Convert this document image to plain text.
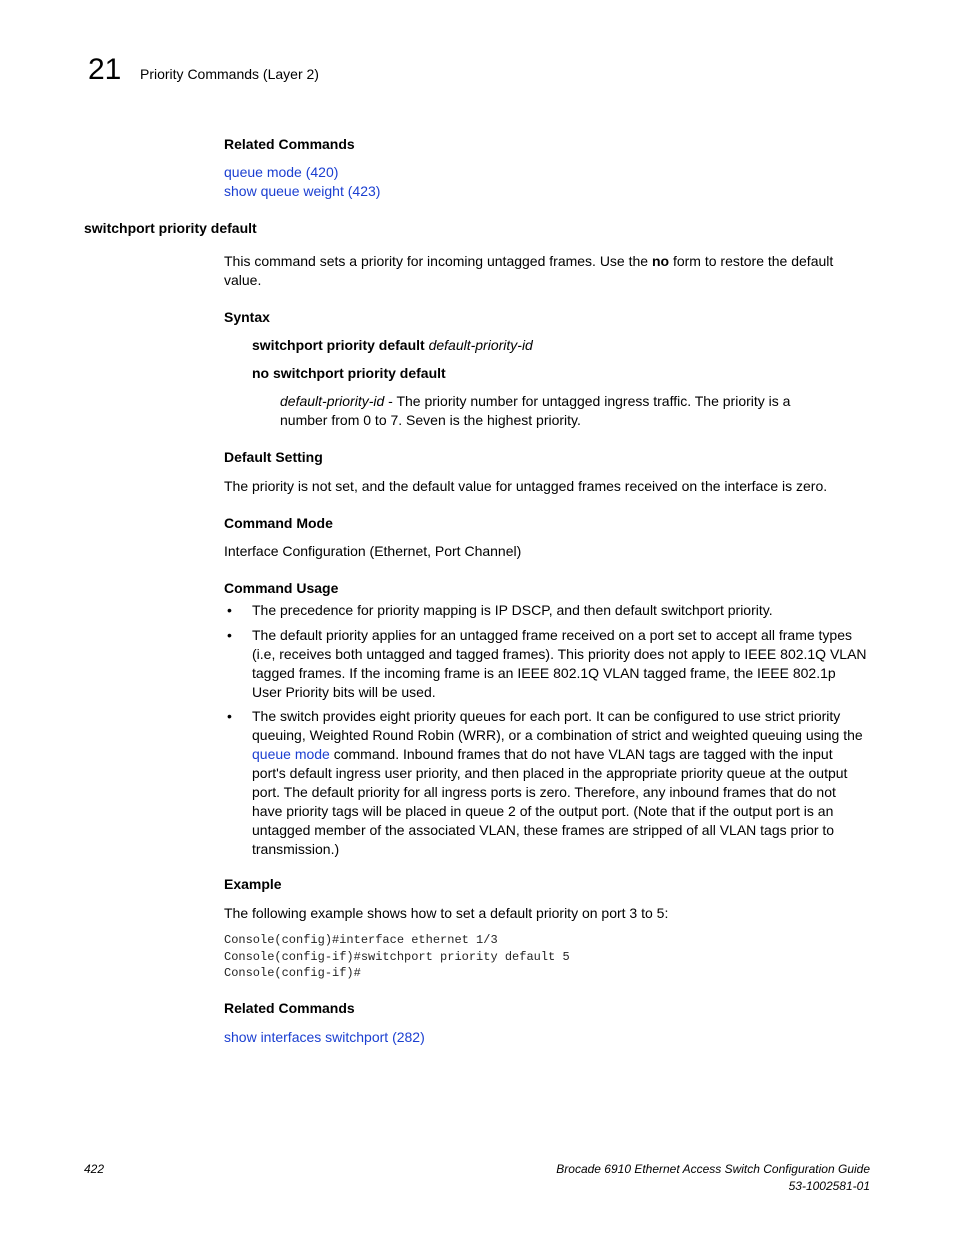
21 Priority Commands (Layer 2)
Related Commands
queue mode (420)
show queue weight (423)
switchport priority default
This command sets a priority for incoming untagged frames. Use the no form to restore the default value.
Syntax
switchport priority default default-priority-id
no switchport priority default
default-priority-id - The priority number for untagged ingress traffic. The priority is a number from 0 to 7. Seven is the highest priority.
Default Setting
The priority is not set, and the default value for untagged frames received on the interface is zero.
Command Mode
Interface Configuration (Ethernet, Port Channel)
Command Usage
• The precedence for priority mapping is IP DSCP, and then default switchport priority.
• The default priority applies for an untagged frame received on a port set to accept all frame types (i.e, receives both untagged and tagged frames). This priority does not apply to IEEE 802.1Q VLAN tagged frames. If the incoming frame is an IEEE 802.1Q VLAN tagged frame, the IEEE 802.1p User Priority bits will be used.
• The switch provides eight priority queues for each port. It can be configured to use strict priority queuing, Weighted Round Robin (WRR), or a combination of strict and weighted queuing using the queue mode command. Inbound frames that do not have VLAN tags are tagged with the input port's default ingress user priority, and then placed in the appropriate priority queue at the output port. The default priority for all ingress ports is zero. Therefore, any inbound frames that do not have priority tags will be placed in queue 2 of the output port. (Note that if the output port is an untagged member of the associated VLAN, these frames are stripped of all VLAN tags prior to transmission.)
Example
The following example shows how to set a default priority on port 3 to 5:
Console(config)#interface ethernet 1/3
Console(config-if)#switchport priority default 5
Console(config-if)#
Related Commands
show interfaces switchport (282)
422	Brocade 6910 Ethernet Access Switch Configuration Guide
53-1002581-01
